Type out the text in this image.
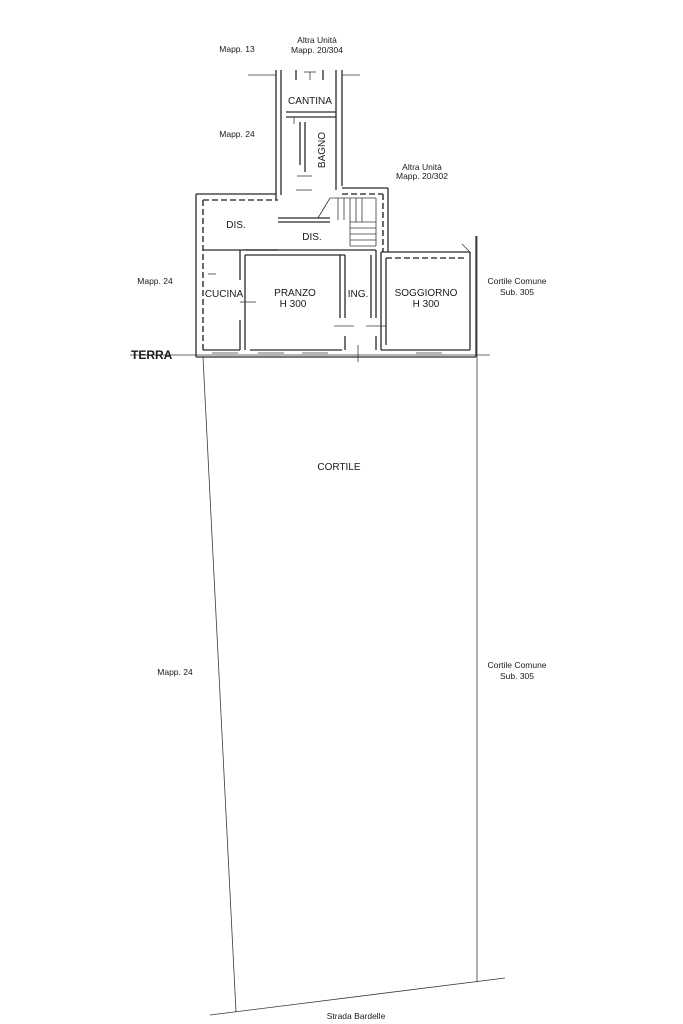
Altra Unità
Mapp. 20/304
Mapp. 13
CANTINA
Mapp. 24	BAGNO	Altra Unità
Mapp. 20/302
DIS.
DIS.
Mapp. 24
CUCINA	PRANZO
H 300
ING.	SOGGIORNO
H 300
Cortile Comune
Sub. 305
TERRA
CORTILE
Mapp. 24
Cortile Comune
Sub. 305
Strada Bardelle
